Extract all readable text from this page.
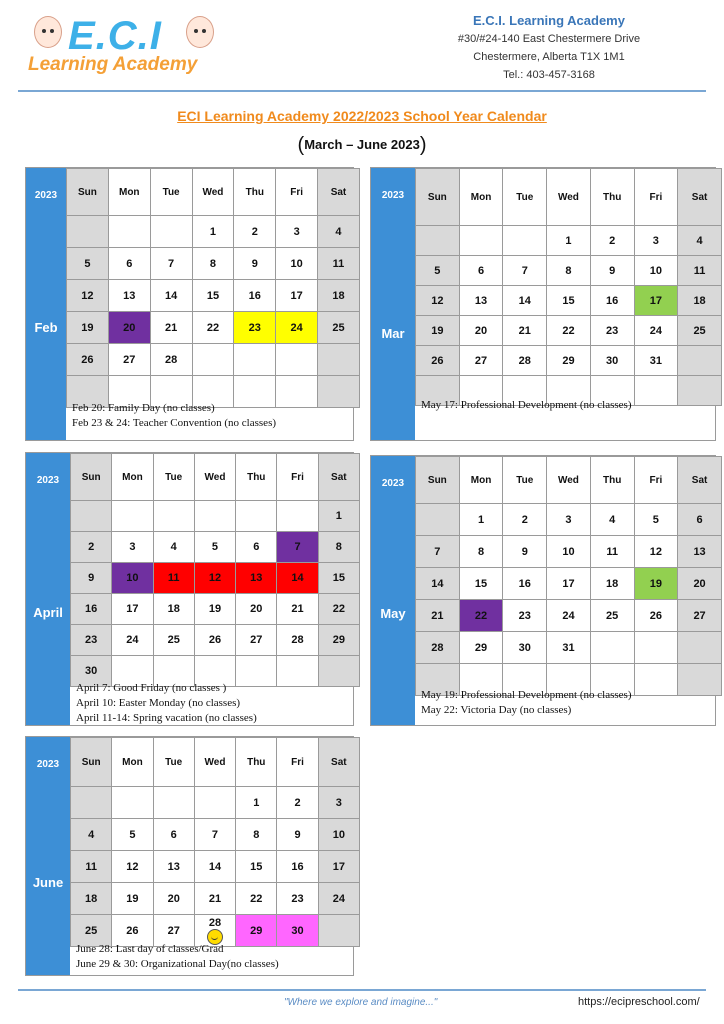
E.C.I
Learning Academy
E.C.I. Learning Academy
#30/#24-140 East Chestermere Drive
Chestermere, Alberta T1X 1M1
Tel.: 403-457-3168
ECI Learning Academy 2022/2023 School Year Calendar
(March – June 2023)
2023
Feb
Sun	Mon	Tue	Wed	Thu	Fri	Sat
			1	2	3	4
5	6	7	8	9	10	11
12	13	14	15	16	17	18
19	20	21	22	23	24	25
26	27	28				

Feb 20: Family Day (no classes)
Feb 23 & 24: Teacher Convention (no classes)
2023
Mar
Sun	Mon	Tue	Wed	Thu	Fri	Sat
			1	2	3	4
5	6	7	8	9	10	11
12	13	14	15	16	17	18
19	20	21	22	23	24	25
26	27	28	29	30	31	

May 17: Professional Development (no classes)
2023
April
Sun	Mon	Tue	Wed	Thu	Fri	Sat
						1
2	3	4	5	6	7	8
9	10	11	12	13	14	15
16	17	18	19	20	21	22
23	24	25	26	27	28	29
30						
April 7: Good Friday (no classes )
April 10: Easter Monday (no classes)
April 11-14: Spring vacation (no classes)
2023
May
Sun	Mon	Tue	Wed	Thu	Fri	Sat
	1	2	3	4	5	6
7	8	9	10	11	12	13
14	15	16	17	18	19	20
21	22	23	24	25	26	27
28	29	30	31			

May 19: Professional Development (no classes)
May 22: Victoria Day (no classes)
2023
June
Sun	Mon	Tue	Wed	Thu	Fri	Sat
				1	2	3
4	5	6	7	8	9	10
11	12	13	14	15	16	17
18	19	20	21	22	23	24
25	26	27	28	29	30	
June 28: Last day of classes/Grad
June 29 & 30: Organizational Day(no classes)
"Where we explore and imagine..."	https://ecipreschool.com/
